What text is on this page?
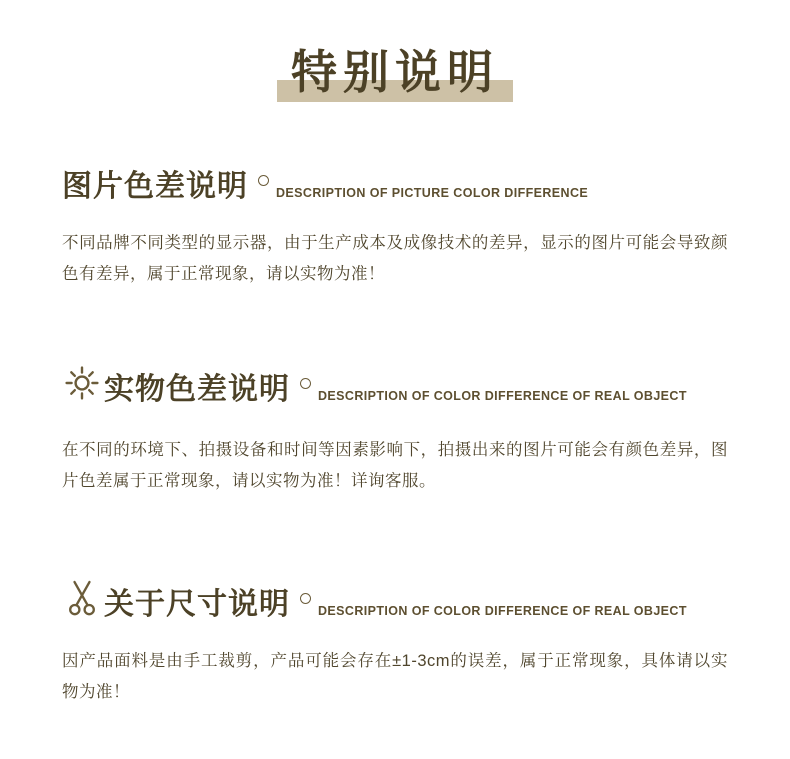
特别说明
图片色差说明 DESCRIPTION OF PICTURE COLOR DIFFERENCE
不同品牌不同类型的显示器，由于生产成本及成像技术的差异，显示的图片可能会导致颜色有差异，属于正常现象，请以实物为准！
实物色差说明 DESCRIPTION OF COLOR DIFFERENCE OF REAL OBJECT
在不同的环境下、拍摄设备和时间等因素影响下，拍摄出来的图片可能会有颜色差异，图片色差属于正常现象，请以实物为准！详询客服。
关于尺寸说明 DESCRIPTION OF COLOR DIFFERENCE OF REAL OBJECT
因产品面料是由手工裁剪，产品可能会存在±1-3cm的误差，属于正常现象，具体请以实物为准！
